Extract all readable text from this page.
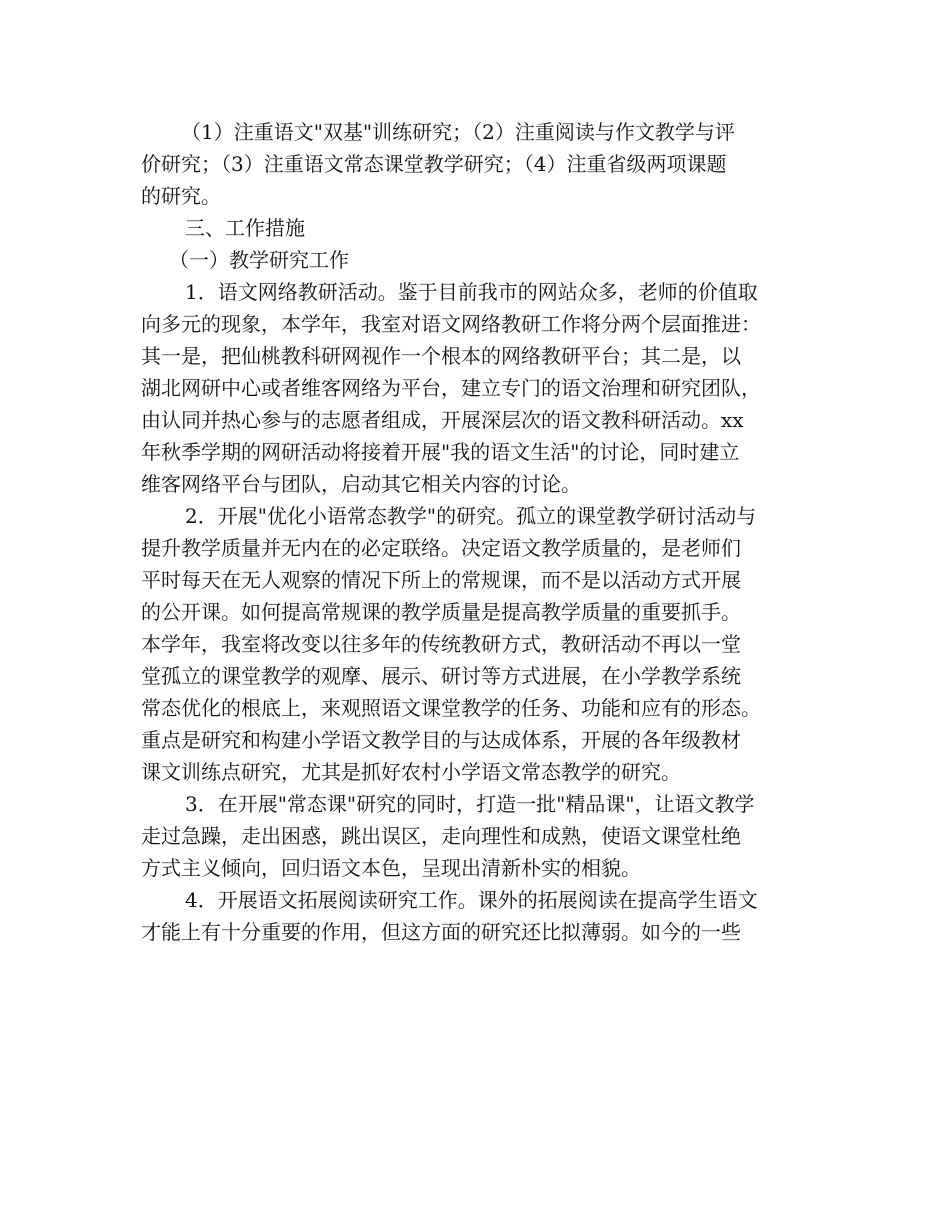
（1）注重语文"双基"训练研究；（2）注重阅读与作文教学与评
价研究；（3）注重语文常态课堂教学研究；（4）注重省级两项课题
的研究。
三、工作措施
（一）教学研究工作
1．语文网络教研活动。鉴于目前我市的网站众多，老师的价值取
向多元的现象，本学年，我室对语文网络教研工作将分两个层面推进：
其一是，把仙桃教科研网视作一个根本的网络教研平台；其二是，以
湖北网研中心或者维客网络为平台，建立专门的语文治理和研究团队，
由认同并热心参与的志愿者组成，开展深层次的语文教科研活动。xx
年秋季学期的网研活动将接着开展"我的语文生活"的讨论，同时建立
维客网络平台与团队，启动其它相关内容的讨论。
2．开展"优化小语常态教学"的研究。孤立的课堂教学研讨活动与
提升教学质量并无内在的必定联络。决定语文教学质量的，是老师们
平时每天在无人观察的情况下所上的常规课，而不是以活动方式开展
的公开课。如何提高常规课的教学质量是提高教学质量的重要抓手。
本学年，我室将改变以往多年的传统教研方式，教研活动不再以一堂
堂孤立的课堂教学的观摩、展示、研讨等方式进展，在小学教学系统
常态优化的根底上，来观照语文课堂教学的任务、功能和应有的形态。
重点是研究和构建小学语文教学目的与达成体系，开展的各年级教材
课文训练点研究，尤其是抓好农村小学语文常态教学的研究。
3．在开展"常态课"研究的同时，打造一批"精品课"，让语文教学
走过急躁，走出困惑，跳出误区，走向理性和成熟，使语文课堂杜绝
方式主义倾向，回归语文本色，呈现出清新朴实的相貌。
4．开展语文拓展阅读研究工作。课外的拓展阅读在提高学生语文
才能上有十分重要的作用，但这方面的研究还比拟薄弱。如今的一些
